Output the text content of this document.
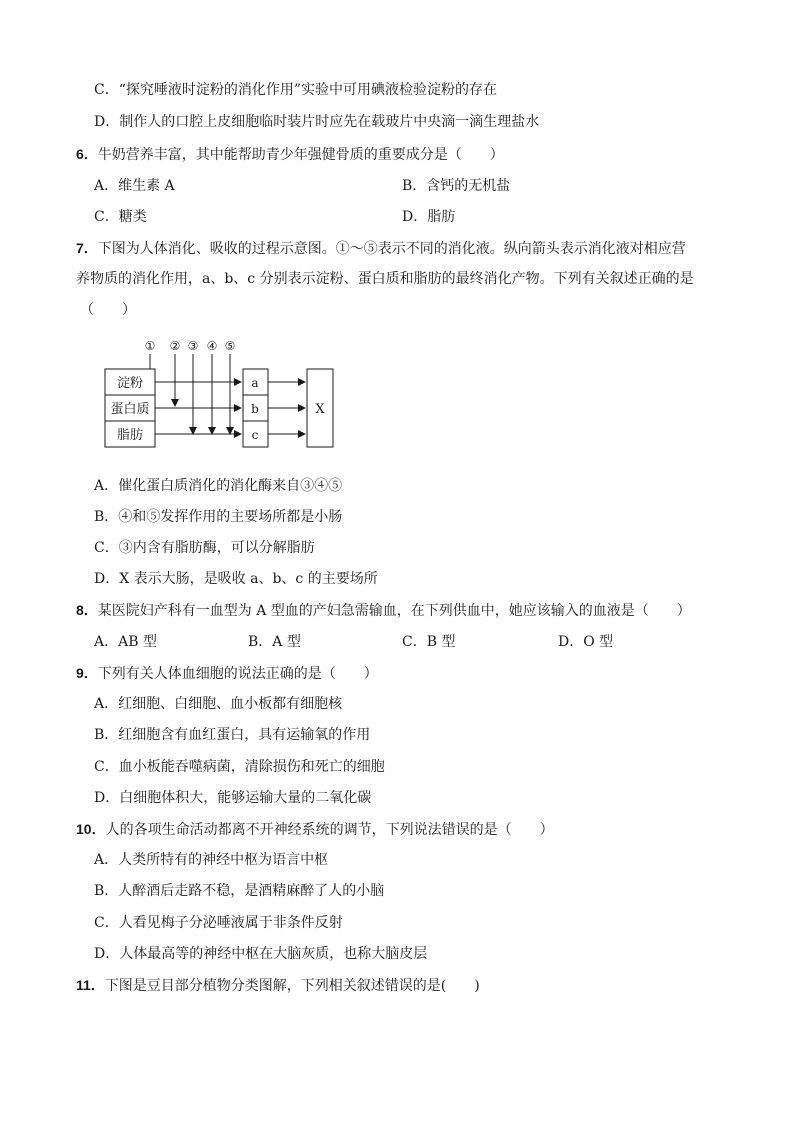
C．“探究唾液时淀粉的消化作用”实验中可用碘液检验淀粉的存在
D．制作人的口腔上皮细胞临时装片时应先在载玻片中央滴一滴生理盐水
6．牛奶营养丰富，其中能帮助青少年强健骨质的重要成分是（　　）
A．维生素 A	B．含钙的无机盐
C．糖类	D．脂肪
7．下图为人体消化、吸收的过程示意图。①～⑤表示不同的消化液。纵向箭头表示消化液对相应营
养物质的消化作用，a、b、c 分别表示淀粉、蛋白质和脂肪的最终消化产物。下列有关叙述正确的是
（　　）
① ② ③ ④ ⑤
淀粉
蛋白质
脂肪
a
b
c
X
A．催化蛋白质消化的消化酶来自③④⑤
B．④和⑤发挥作用的主要场所都是小肠
C．③内含有脂肪酶，可以分解脂肪
D．X 表示大肠，是吸收 a、b、c 的主要场所
8．某医院妇产科有一血型为 A 型血的产妇急需输血，在下列供血中，她应该输入的血液是（　　）
A．AB 型	B．A 型	C．B 型	D．O 型
9．下列有关人体血细胞的说法正确的是（　　）
A．红细胞、白细胞、血小板都有细胞核
B．红细胞含有血红蛋白，具有运输氧的作用
C．血小板能吞噬病菌，清除损伤和死亡的细胞
D．白细胞体积大，能够运输大量的二氧化碳
10．人的各项生命活动都离不开神经系统的调节，下列说法错误的是（　　）
A．人类所特有的神经中枢为语言中枢
B．人醉酒后走路不稳，是酒精麻醉了人的小脑
C．人看见梅子分泌唾液属于非条件反射
D．人体最高等的神经中枢在大脑灰质，也称大脑皮层
11．下图是豆目部分植物分类图解，下列相关叙述错误的是(　　)
